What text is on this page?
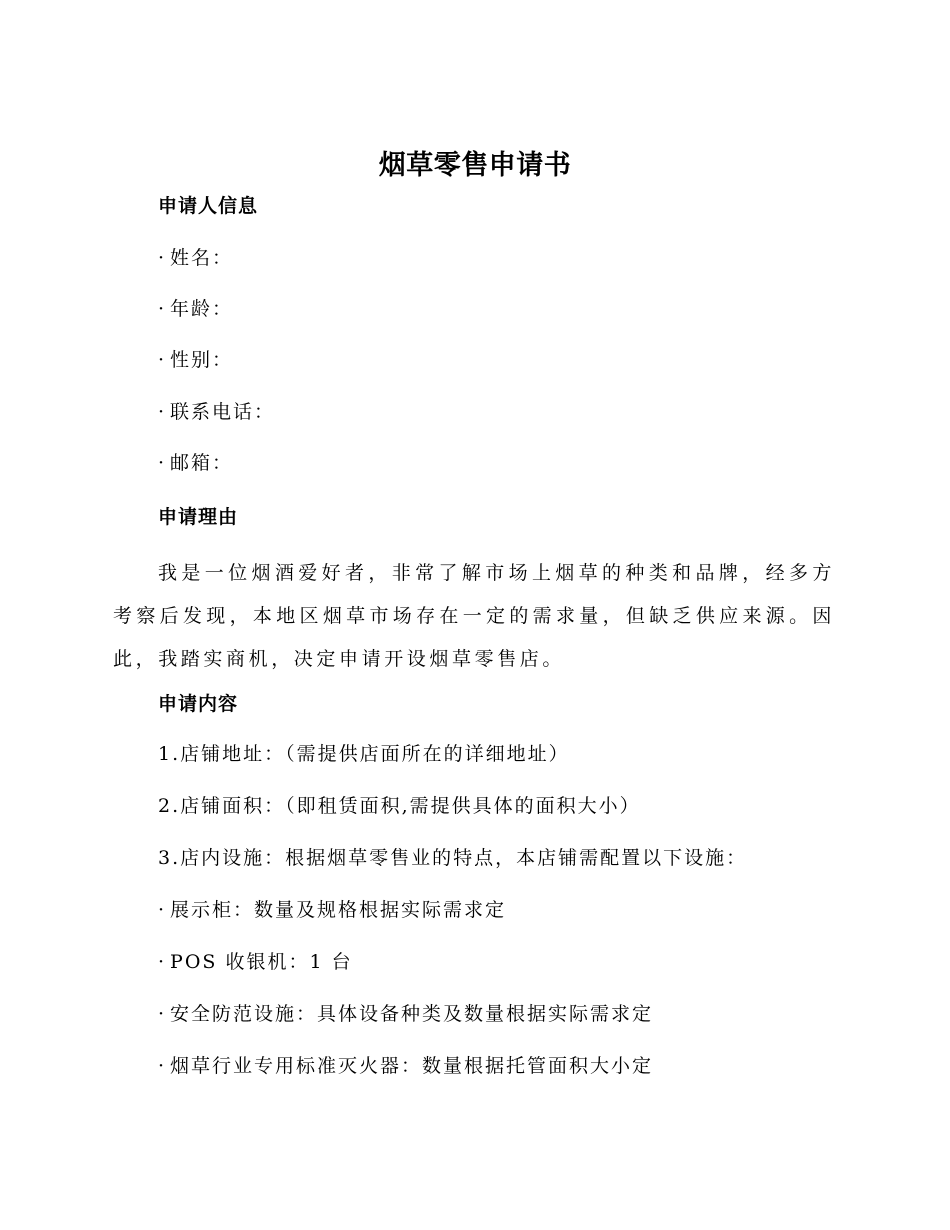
烟草零售申请书
申请人信息
· 姓名：
· 年龄：
· 性别：
· 联系电话：
· 邮箱：
申请理由
我是一位烟酒爱好者，非常了解市场上烟草的种类和品牌，经多方考察后发现，本地区烟草市场存在一定的需求量，但缺乏供应来源。因此，我踏实商机，决定申请开设烟草零售店。
申请内容
1.店铺地址：（需提供店面所在的详细地址）
2.店铺面积：（即租赁面积,需提供具体的面积大小）
3.店内设施：根据烟草零售业的特点，本店铺需配置以下设施：
· 展示柜：数量及规格根据实际需求定
· POS 收银机：1 台
· 安全防范设施：具体设备种类及数量根据实际需求定
· 烟草行业专用标准灭火器：数量根据托管面积大小定
